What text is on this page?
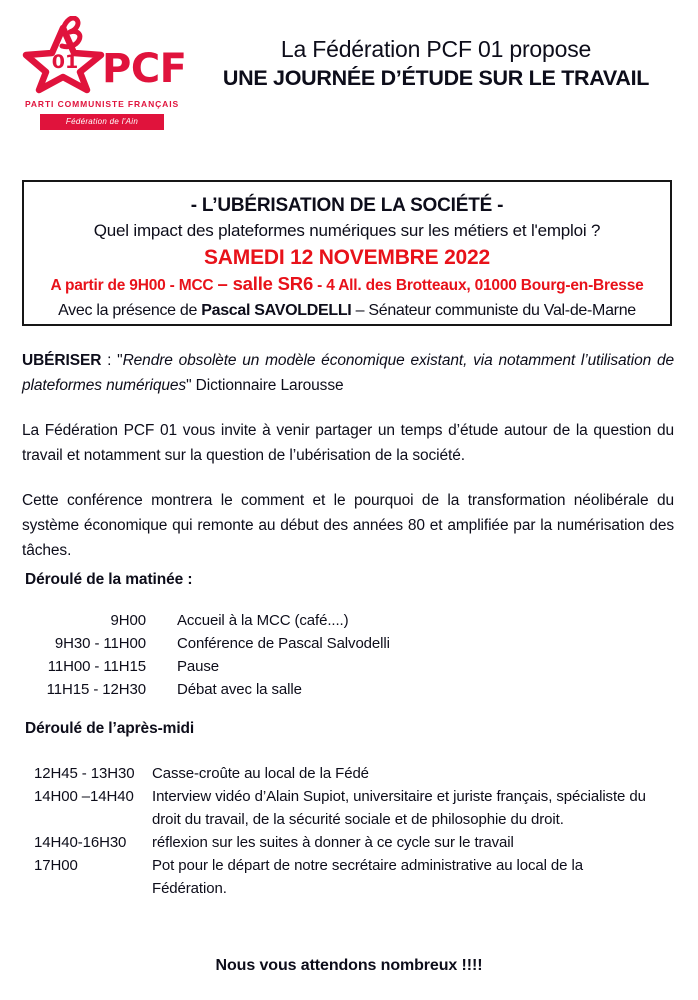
01 PCF
PARTI COMMUNISTE FRANÇAIS
Fédération de l'Ain
La Fédération PCF 01 propose
UNE JOURNÉE D’ÉTUDE SUR LE TRAVAIL
- L’UBÉRISATION DE LA SOCIÉTÉ -
Quel impact des plateformes numériques sur les métiers et l'emploi ?
SAMEDI 12 NOVEMBRE 2022
A partir de 9H00 - MCC – salle SR6 - 4 All. des Brotteaux, 01000 Bourg-en-Bresse
Avec la présence de Pascal SAVOLDELLI – Sénateur communiste du Val-de-Marne

UBÉRISER : "Rendre obsolète un modèle économique existant, via notamment l’utilisation de plateformes numériques" Dictionnaire Larousse

La Fédération PCF 01 vous invite à venir partager un temps d’étude autour de la question du travail et notamment sur la question de l’ubérisation de la société.

Cette conférence montrera le comment et le pourquoi de la transformation néolibérale du système économique qui remonte au début des années 80 et amplifiée par la numérisation des tâches.

Déroulé de la matinée :
9H00	Accueil à la MCC (café....)
9H30 - 11H00	Conférence de Pascal Salvodelli
11H00 - 11H15	Pause
11H15 - 12H30	Débat avec la salle
Déroulé de l’après-midi
12H45 - 13H30	Casse-croûte au local de la Fédé
14H00 –14H40	Interview vidéo d’Alain Supiot, universitaire et juriste français, spécialiste du droit du travail, de la sécurité sociale et de philosophie du droit.
14H40-16H30	réflexion sur les suites à donner à ce cycle sur le travail
17H00	Pot pour le départ de notre secrétaire administrative au local de la Fédération.
Nous vous attendons nombreux !!!!
